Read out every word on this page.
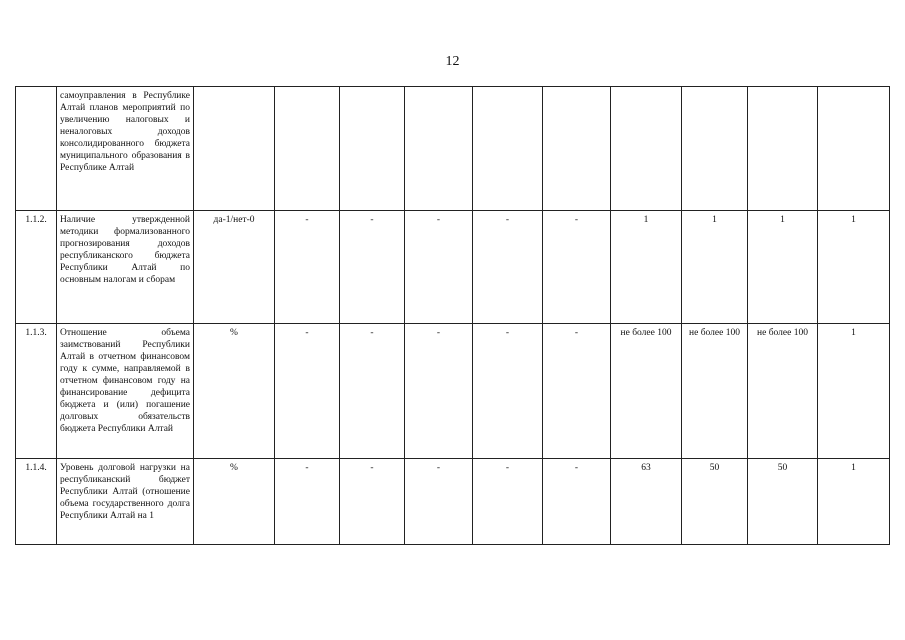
12
	самоуправления в Республике Алтай планов мероприятий по увеличению налоговых и неналоговых доходов консолидированного бюджета муниципального образования в Республике Алтай										
1.1.2.	Наличие утвержденной методики формализованного прогнозирования доходов республиканского бюджета Республики Алтай по основным налогам и сборам	да-1/нет-0	-	-	-	-	-	1	1	1	1
1.1.3.	Отношение объема заимствований Республики Алтай в отчетном финансовом году к сумме, направляемой в отчетном финансовом году на финансирование дефицита бюджета и (или) погашение долговых обязательств бюджета Республики Алтай	%	-	-	-	-	-	не более 100	не более 100	не более 100	1
1.1.4.	Уровень долговой нагрузки на республиканский бюджет Республики Алтай (отношение объема государственного долга Республики Алтай на 1	%	-	-	-	-	-	63	50	50	1
